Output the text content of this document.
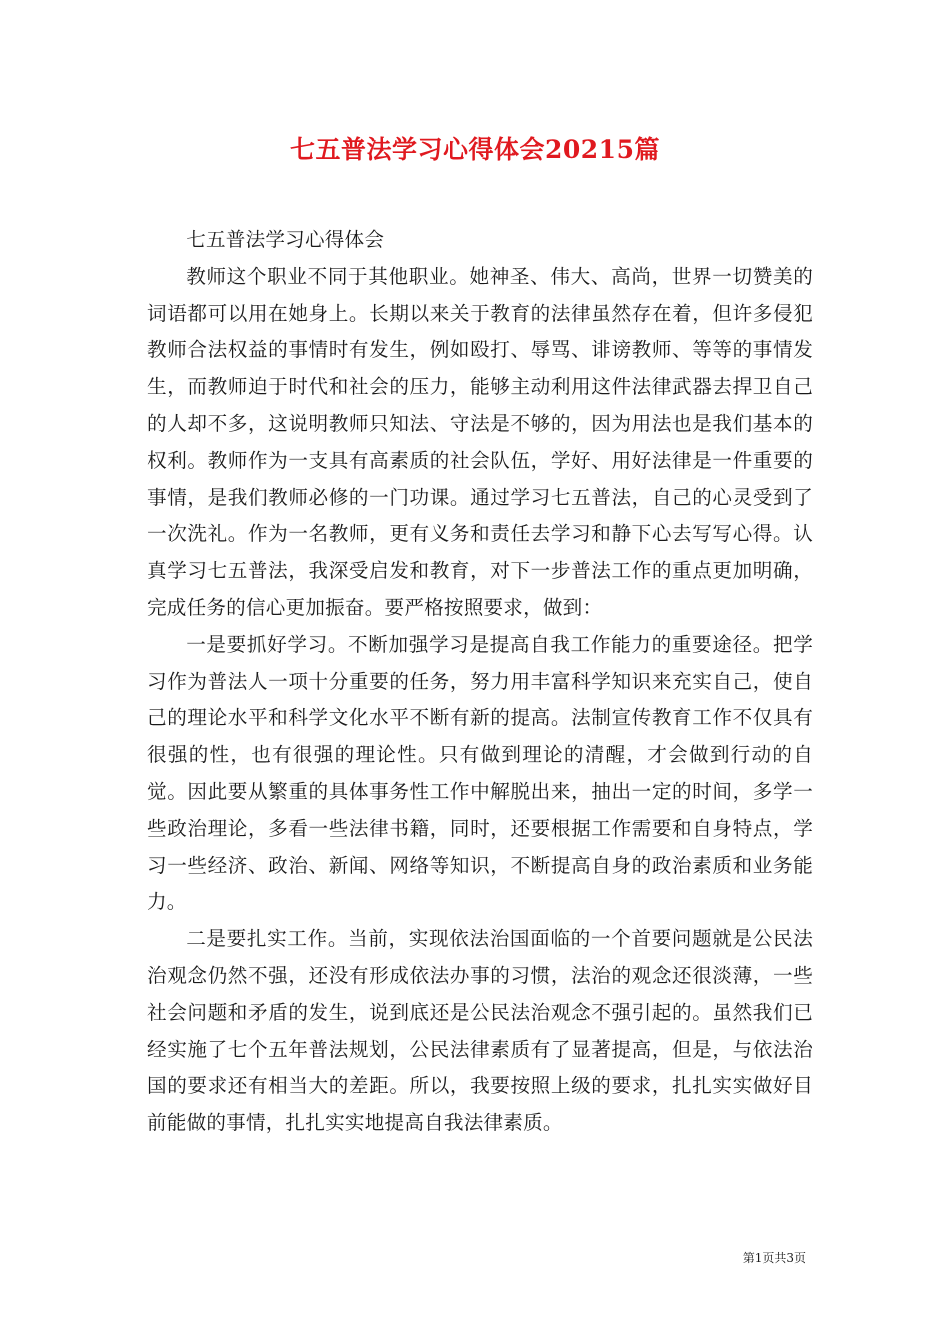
七五普法学习心得体会20215篇

七五普法学习心得体会

教师这个职业不同于其他职业。她神圣、伟大、高尚，世界一切赞美的词语都可以用在她身上。长期以来关于教育的法律虽然存在着，但许多侵犯教师合法权益的事情时有发生，例如殴打、辱骂、诽谤教师、等等的事情发生，而教师迫于时代和社会的压力，能够主动利用这件法律武器去捍卫自己的人却不多，这说明教师只知法、守法是不够的，因为用法也是我们基本的权利。教师作为一支具有高素质的社会队伍，学好、用好法律是一件重要的事情，是我们教师必修的一门功课。通过学习七五普法，自己的心灵受到了一次洗礼。作为一名教师，更有义务和责任去学习和静下心去写写心得。认真学习七五普法，我深受启发和教育，对下一步普法工作的重点更加明确，完成任务的信心更加振奋。要严格按照要求，做到：

一是要抓好学习。不断加强学习是提高自我工作能力的重要途径。把学习作为普法人一项十分重要的任务，努力用丰富科学知识来充实自己，使自己的理论水平和科学文化水平不断有新的提高。法制宣传教育工作不仅具有很强的性，也有很强的理论性。只有做到理论的清醒，才会做到行动的自觉。因此要从繁重的具体事务性工作中解脱出来，抽出一定的时间，多学一些政治理论，多看一些法律书籍，同时，还要根据工作需要和自身特点，学习一些经济、政治、新闻、网络等知识，不断提高自身的政治素质和业务能力。

二是要扎实工作。当前，实现依法治国面临的一个首要问题就是公民法治观念仍然不强，还没有形成依法办事的习惯，法治的观念还很淡薄，一些社会问题和矛盾的发生，说到底还是公民法治观念不强引起的。虽然我们已经实施了七个五年普法规划，公民法律素质有了显著提高，但是，与依法治国的要求还有相当大的差距。所以，我要按照上级的要求，扎扎实实做好目前能做的事情，扎扎实实地提高自我法律素质。

第1页共3页
